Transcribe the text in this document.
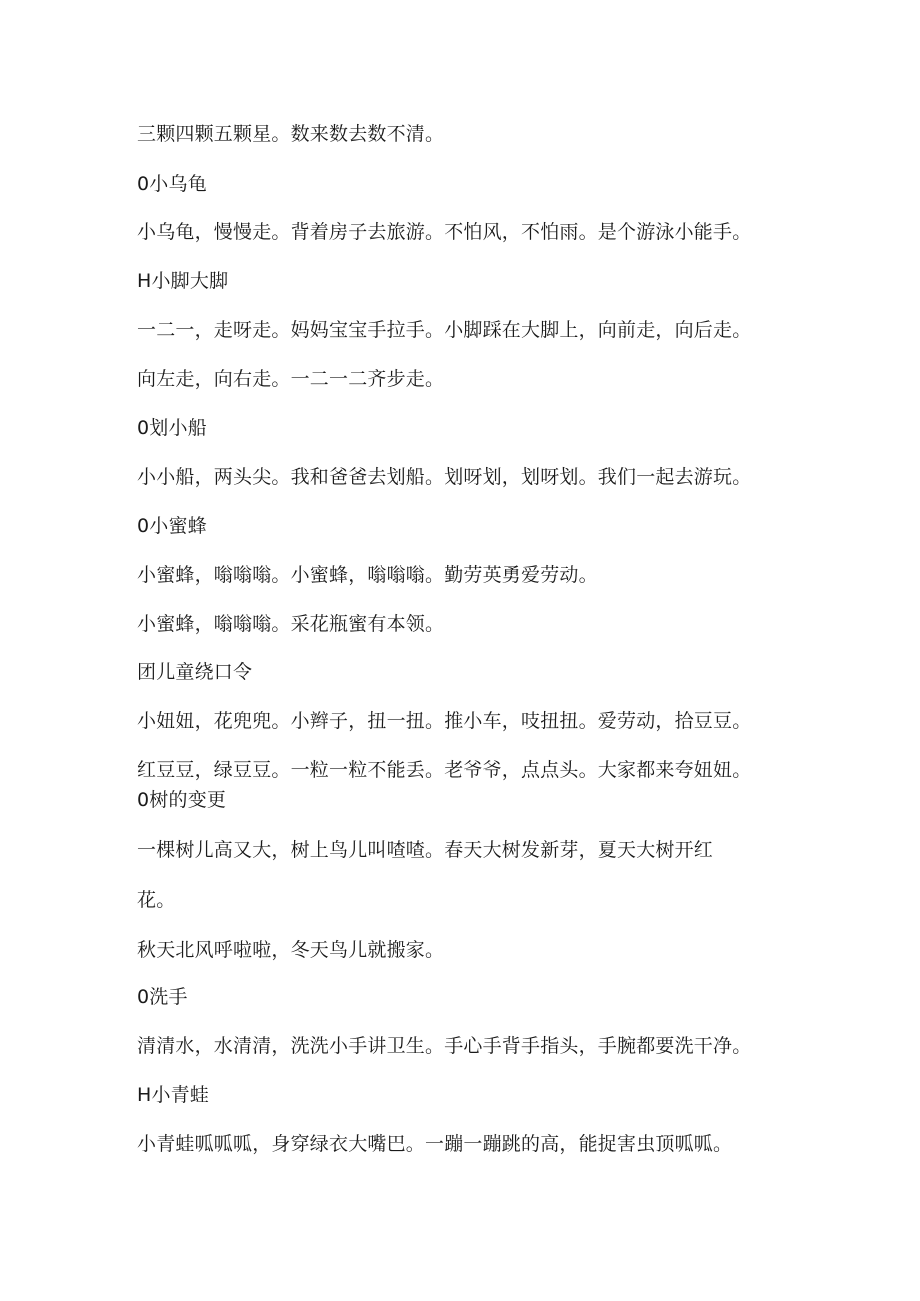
三颗四颗五颗星。数来数去数不清。

0小乌龟

小乌龟，慢慢走。背着房子去旅游。不怕风，不怕雨。是个游泳小能手。

H小脚大脚

一二一，走呀走。妈妈宝宝手拉手。小脚踩在大脚上，向前走，向后走。

向左走，向右走。一二一二齐步走。

0划小船

小小船，两头尖。我和爸爸去划船。划呀划，划呀划。我们一起去游玩。

0小蜜蜂

小蜜蜂，嗡嗡嗡。小蜜蜂，嗡嗡嗡。勤劳英勇爱劳动。

小蜜蜂，嗡嗡嗡。采花瓶蜜有本领。

团儿童绕口令

小妞妞，花兜兜。小辫子，扭一扭。推小车，吱扭扭。爱劳动，拾豆豆。

红豆豆，绿豆豆。一粒一粒不能丢。老爷爷，点点头。大家都来夸妞妞。

0树的变更

一棵树儿高又大，树上鸟儿叫喳喳。春天大树发新芽，夏天大树开红

花。

秋天北风呼啦啦，冬天鸟儿就搬家。

0洗手

清清水，水清清，洗洗小手讲卫生。手心手背手指头，手腕都要洗干净。

H小青蛙

小青蛙呱呱呱，身穿绿衣大嘴巴。一蹦一蹦跳的高，能捉害虫顶呱呱。
